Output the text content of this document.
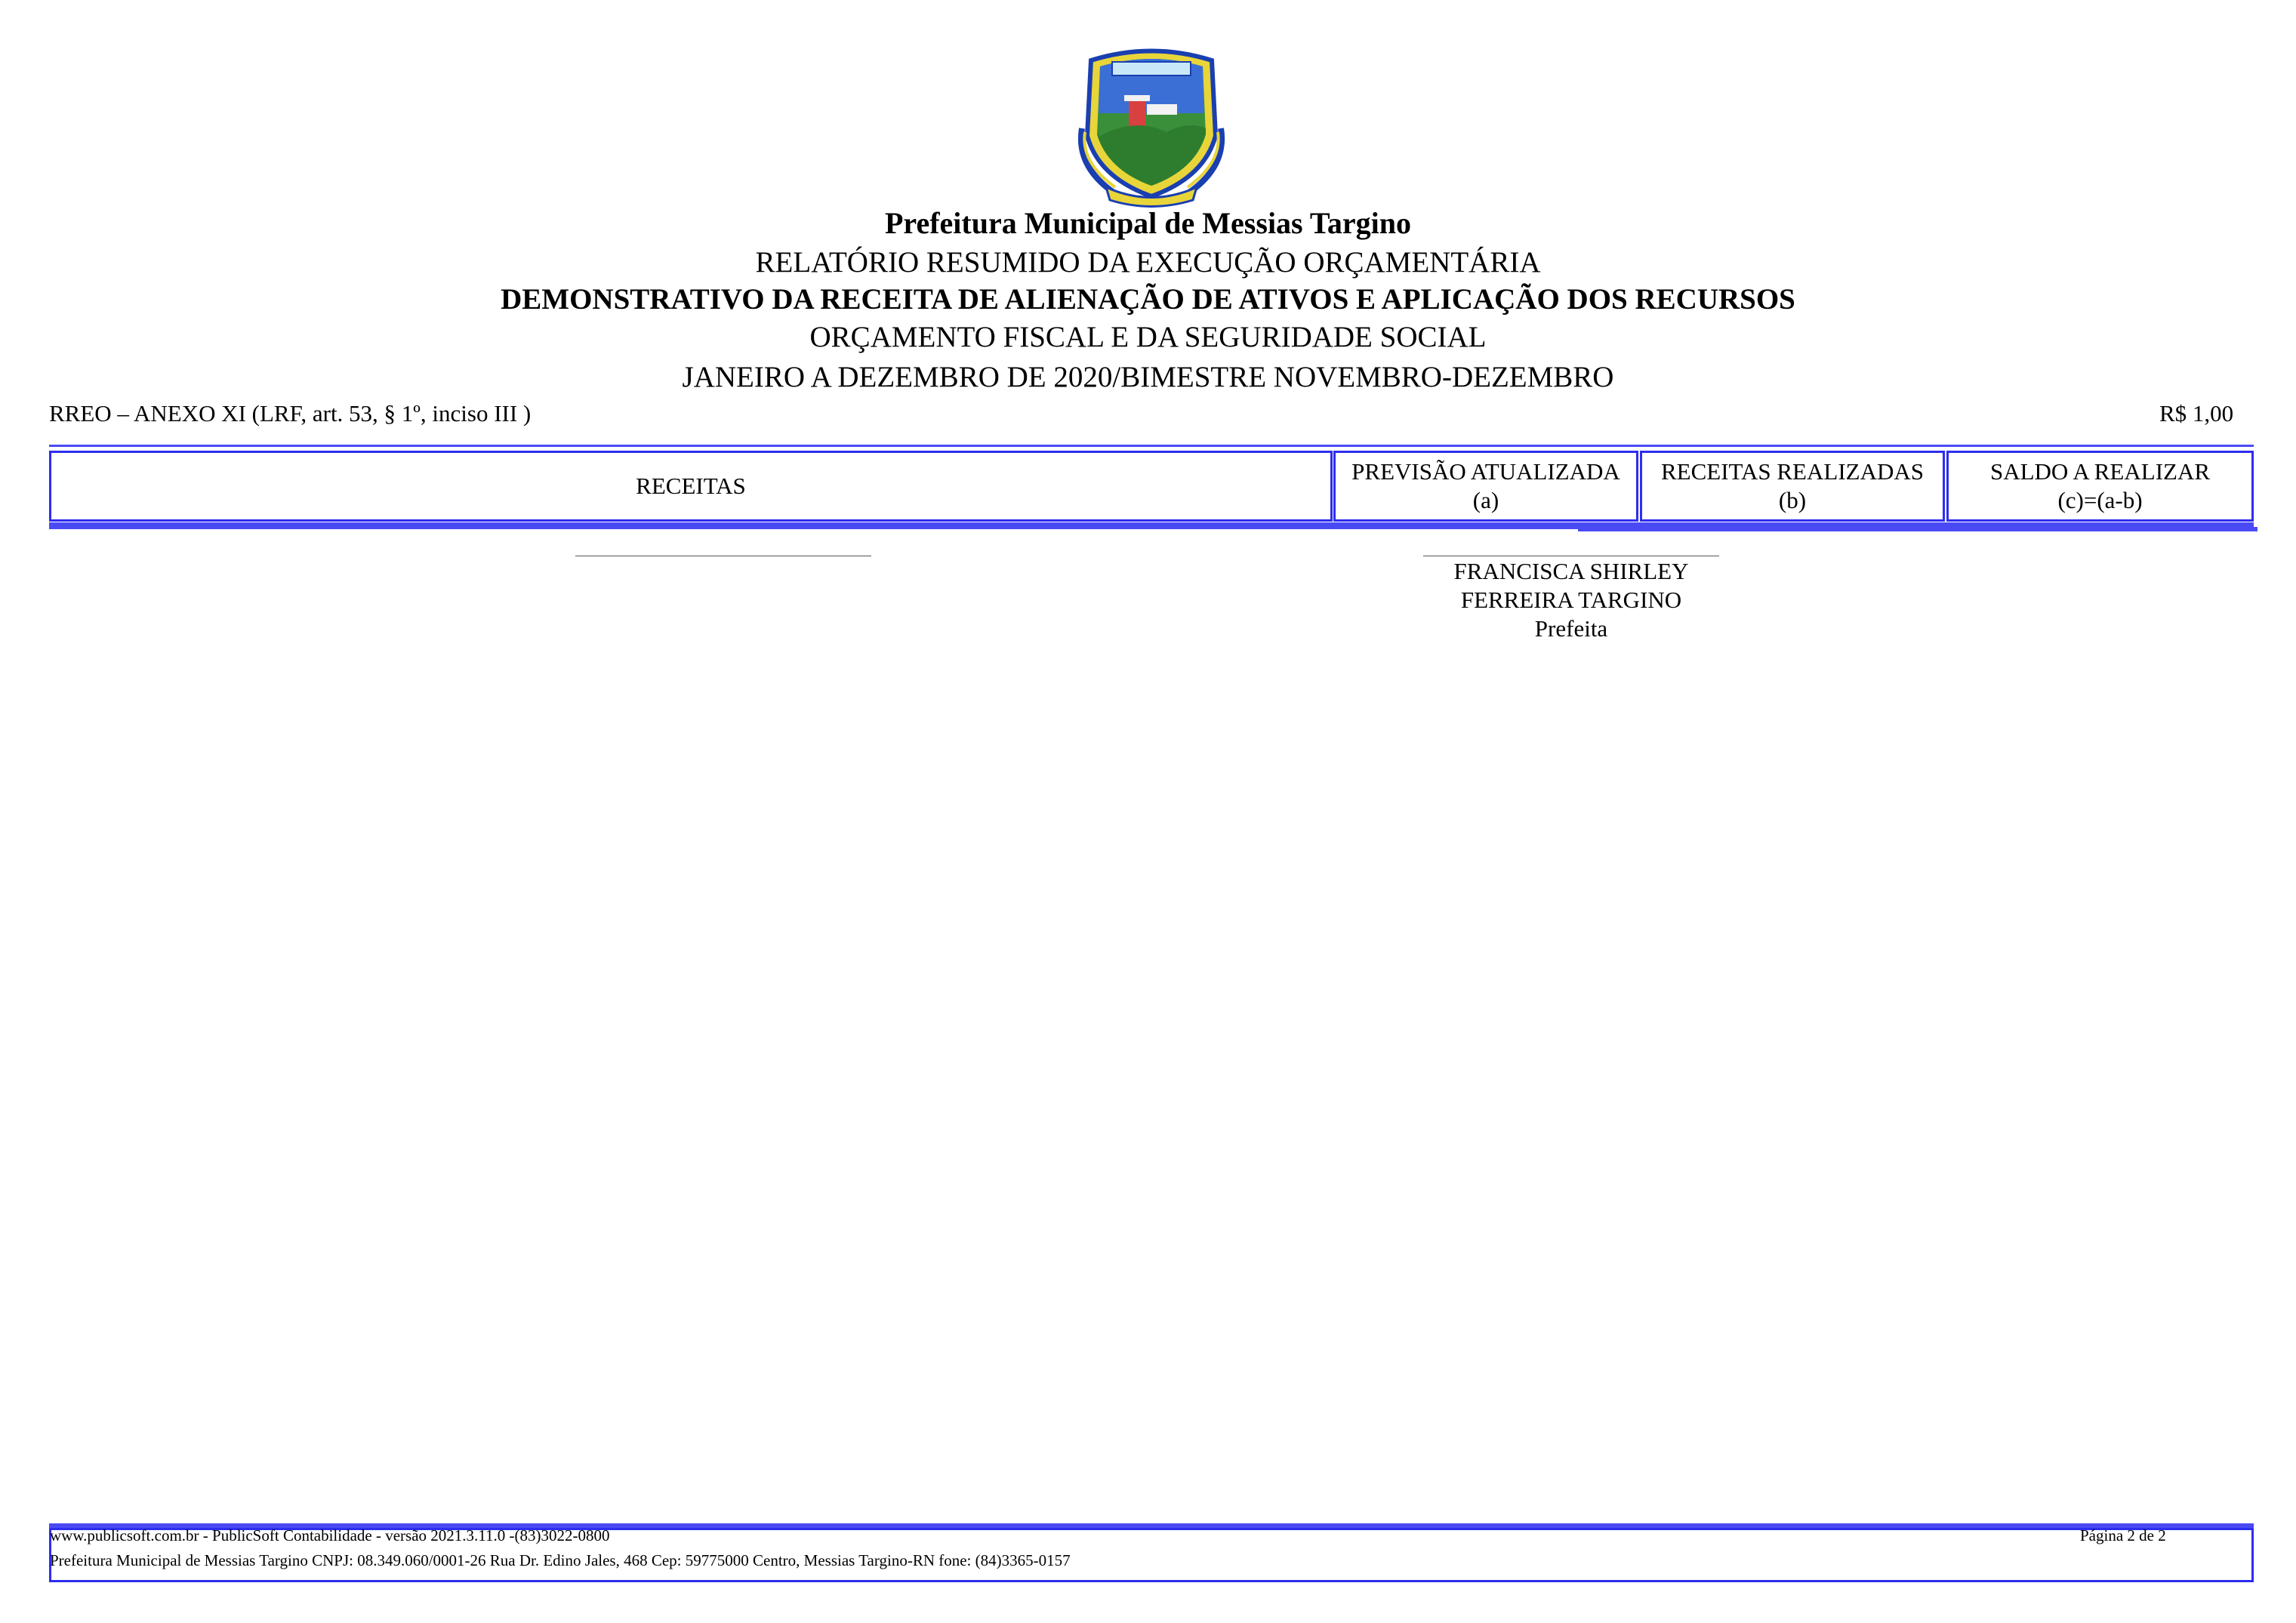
Prefeitura Municipal de Messias Targino
RELATÓRIO RESUMIDO DA EXECUÇÃO ORÇAMENTÁRIA
DEMONSTRATIVO DA RECEITA DE ALIENAÇÃO DE ATIVOS E APLICAÇÃO DOS RECURSOS
ORÇAMENTO FISCAL E DA SEGURIDADE SOCIAL
JANEIRO A DEZEMBRO DE 2020/BIMESTRE NOVEMBRO-DEZEMBRO
RREO – ANEXO XI (LRF, art. 53, § 1º, inciso III )	R$ 1,00
RECEITAS
PREVISÃO ATUALIZADA
(a)
RECEITAS REALIZADAS
(b)
SALDO A REALIZAR
(c)=(a-b)
FRANCISCA SHIRLEY
FERREIRA TARGINO
Prefeita
www.publicsoft.com.br - PublicSoft Contabilidade - versão 2021.3.11.0 -(83)3022-0800	Página 2 de 2
Prefeitura Municipal de Messias Targino CNPJ: 08.349.060/0001-26 Rua Dr. Edino Jales, 468 Cep: 59775000 Centro, Messias Targino-RN fone: (84)3365-0157
